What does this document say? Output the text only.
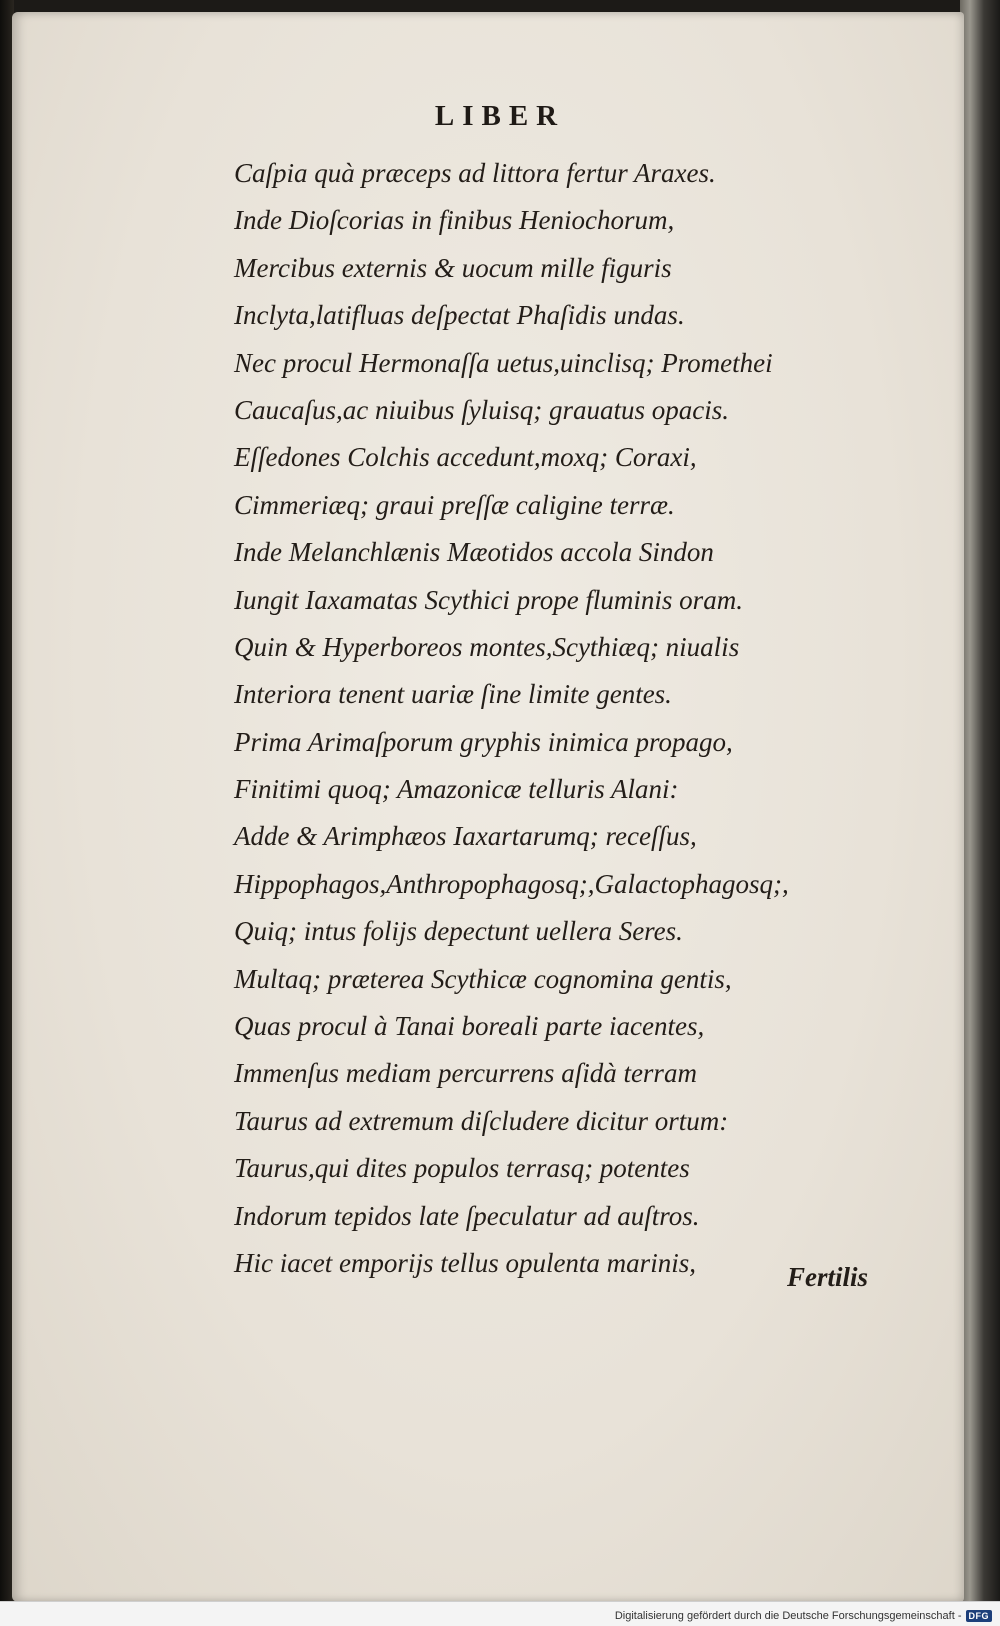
LIBER
Caſpia quà præceps ad littora fertur Araxes.
Inde Dioſcorias in finibus Heniochorum,
Mercibus externis & uocum mille figuris
Inclyta,latifluas deſpectat Phaſidis undas.
Nec procul Hermonaſſa uetus,uinclisq; Promethei
Caucaſus,ac niuibus ſyluisq; grauatus opacis.
Eſſedones Colchis accedunt,moxq; Coraxi,
Cimmeriæq; graui preſſæ caligine terræ.
Inde Melanchlænis Mæotidos accola Sindon
Iungit Iaxamatas Scythici prope fluminis oram.
Quin & Hyperboreos montes,Scythiæq; niualis
Interiora tenent uariæ ſine limite gentes.
Prima Arimaſporum gryphis inimica propago,
Finitimi quoq; Amazonicæ telluris Alani:
Adde & Arimphæos Iaxartarumq; receſſus,
Hippophagos,Anthropophagosq;,Galactophagosq;,
Quiq; intus folijs depectunt uellera Seres.
Multaq; præterea Scythicæ cognomina gentis,
Quas procul à Tanai boreali parte iacentes,
Immenſus mediam percurrens aſidà terram
Taurus ad extremum diſcludere dicitur ortum:
Taurus,qui dites populos terrasq; potentes
Indorum tepidos late ſpeculatur ad auſtros.
Hic iacet emporijs tellus opulenta marinis,	Fertilis
Digitalisierung gefördert durch die Deutsche Forschungsgemeinschaft - DFG
